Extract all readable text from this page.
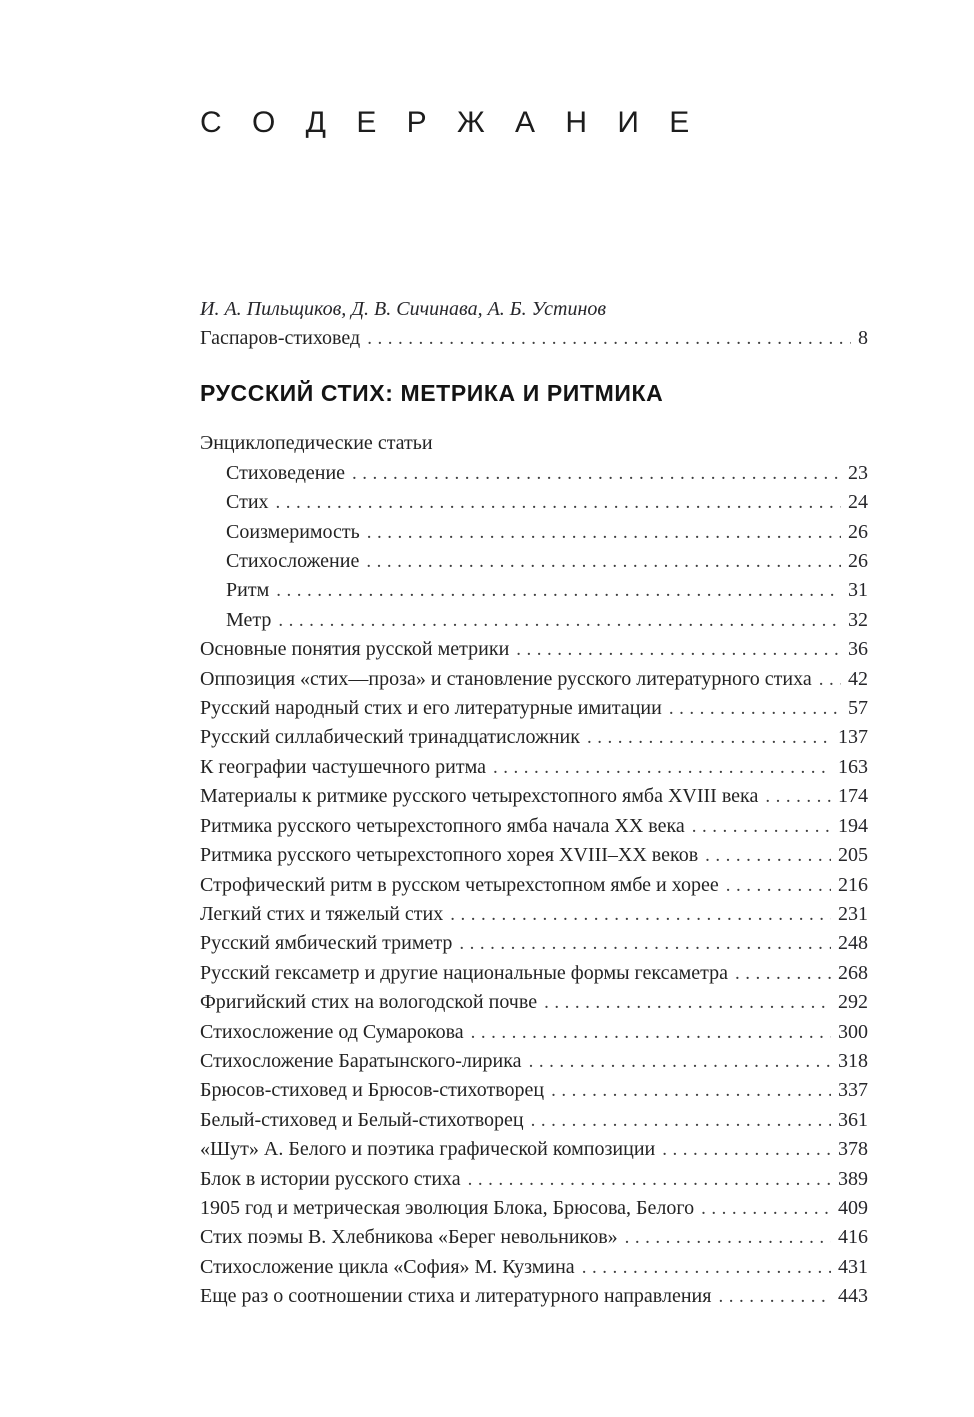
С О Д Е Р Ж А Н И Е

И. А. Пильщиков, Д. В. Сичинава, А. Б. Устинов

Гаспаров-стиховед .....	8
РУССКИЙ СТИХ: МЕТРИКА И РИТМИКА
Энциклопедические статьи
Стиховедение .....	23
Стих .....	24
Соизмеримость .....	26
Стихосложение .....	26
Ритм .....	31
Метр .....	32
Основные понятия русской метрики .....	36
Оппозиция «стих—проза» и становление русского литературного стиха ..... 42
Русский народный стих и его литературные имитации .....	57
Русский силлабический тринадцатисложник .....	137
К географии частушечного ритма .....	163
Материалы к ритмике русского четырехстопного ямба XVIII века .....	174
Ритмика русского четырехстопного ямба начала XX века .....	194
Ритмика русского четырехстопного хорея XVIII–XX веков .....	205
Строфический ритм в русском четырехстопном ямбе и хорее .....	216
Легкий стих и тяжелый стих .....	231
Русский ямбический триметр .....	248
Русский гексаметр и другие национальные формы гексаметра .....	268
Фригийский стих на вологодской почве .....	292
Стихосложение од Сумарокова .....	300
Стихосложение Баратынского-лирика .....	318
Брюсов-стиховед и Брюсов-стихотворец .....	337
Белый-стиховед и Белый-стихотворец .....	361
«Шут» А. Белого и поэтика графической композиции .....	378
Блок в истории русского стиха .....	389
1905 год и метрическая эволюция Блока, Брюсова, Белого .....	409
Стих поэмы В. Хлебникова «Берег невольников» .....	416
Стихосложение цикла «София» М. Кузмина .....	431
Еще раз о соотношении стиха и литературного направления .....	443
